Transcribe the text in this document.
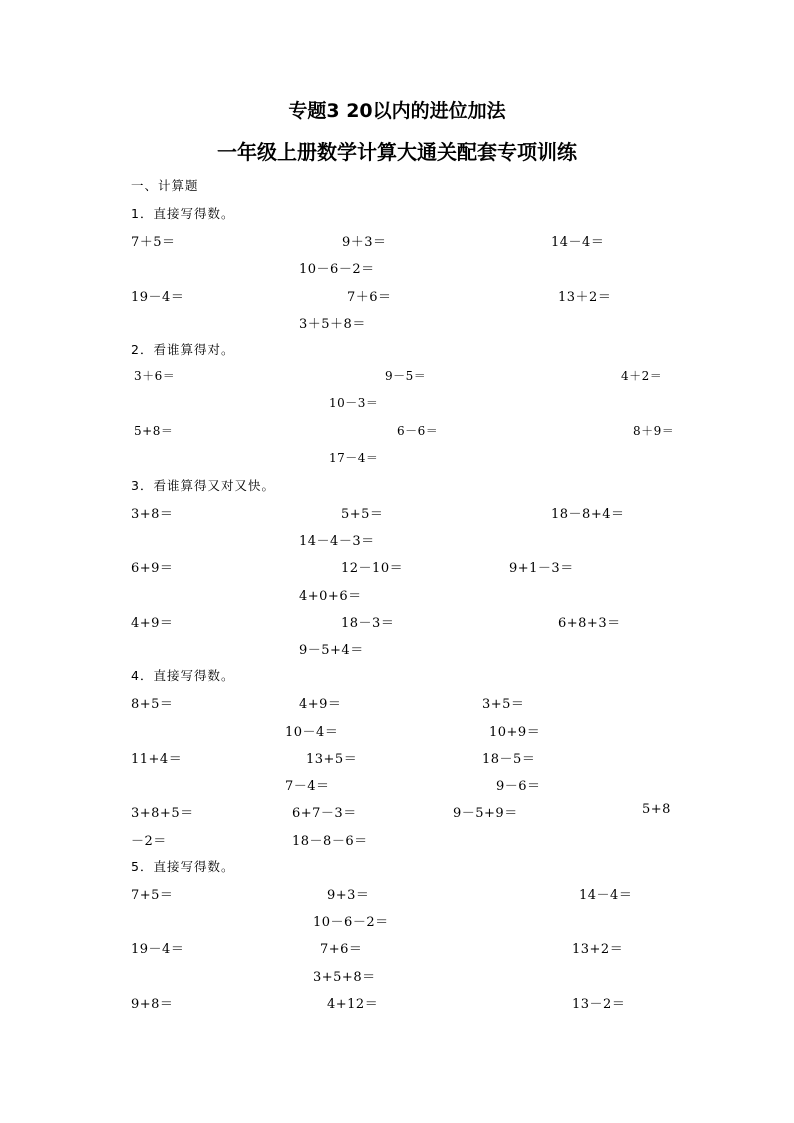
专题3 20以内的进位加法
一年级上册数学计算大通关配套专项训练
一、计算题
1．直接写得数。
7＋5＝	9＋3＝	14－4＝
10－6－2＝
19－4＝	7＋6＝	13＋2＝
3＋5＋8＝
2．看谁算得对。
3＋6＝	9－5＝	4＋2＝
10－3＝
5+8＝	6－6＝	8＋9＝
17－4＝
3．看谁算得又对又快。
3+8＝	5+5＝	18－8+4＝
14－4－3＝
6+9＝	12－10＝	9+1－3＝
4+0+6＝
4+9＝	18－3＝	6+8+3＝
9－5+4＝
4．直接写得数。
8+5＝	4+9＝	3+5＝
10－4＝	10+9＝
11+4＝	13+5＝	18－5＝
7－4＝	9－6＝
3+8+5＝	6+7－3＝	9－5+9＝	5+8
－2＝	18－8－6＝
5．直接写得数。
7+5＝	9+3＝	14－4＝
10－6－2＝
19－4＝	7+6＝	13+2＝
3+5+8＝
9+8＝	4+12＝	13－2＝
